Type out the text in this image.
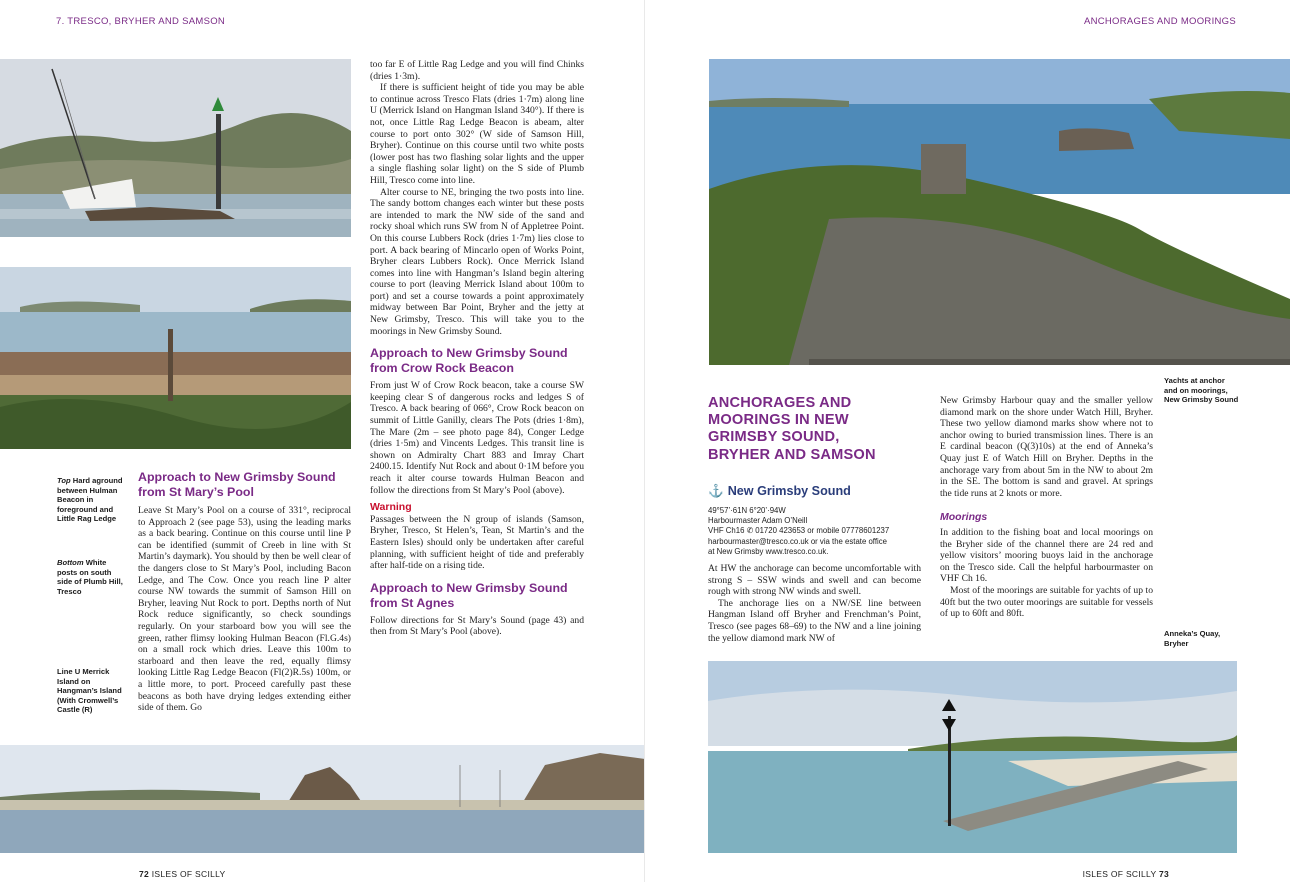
7. TRESCO, BRYHER AND SAMSON
Top Hard aground between Hulman Beacon in foreground and Little Rag Ledge
Bottom White posts on south side of Plumb Hill, Tresco
Line U Merrick Island on Hangman’s Island (With Cromwell’s Castle (R)
Approach to New Grimsby Sound from St Mary’s Pool

Leave St Mary’s Pool on a course of 331°, reciprocal to Approach 2 (see page 53), using the leading marks as a back bearing. Continue on this course until line P can be identified (summit of Creeb in line with St Martin’s daymark). You should by then be well clear of the dangers close to St Mary’s Pool, including Bacon Ledge, and The Cow. Once you reach line P alter course NW towards the summit of Samson Hill on Bryher, leaving Nut Rock to port. Depths north of Nut Rock reduce significantly, so check soundings regularly. On your starboard bow you will see the green, rather flimsy looking Hulman Beacon (Fl.G.4s) on a small rock which dries. Leave this 100m to starboard and then leave the red, equally flimsy looking Little Rag Ledge Beacon (Fl(2)R.5s) 100m, or a little more, to port. Proceed carefully past these beacons as both have drying ledges extending either side of them. Go

too far E of Little Rag Ledge and you will find Chinks (dries 1·3m).

If there is sufficient height of tide you may be able to continue across Tresco Flats (dries 1·7m) along line U (Merrick Island on Hangman Island 340°). If there is not, once Little Rag Ledge Beacon is abeam, alter course to port onto 302° (W side of Samson Hill, Bryher). Continue on this course until two white posts (lower post has two flashing solar lights and the upper a single flashing solar light) on the S side of Plumb Hill, Tresco come into line.

Alter course to NE, bringing the two posts into line. The sandy bottom changes each winter but these posts are intended to mark the NW side of the sand and rocky shoal which runs SW from N of Appletree Point. On this course Lubbers Rock (dries 1·7m) lies close to port. A back bearing of Mincarlo open of Works Point, Bryher clears Lubbers Rock). Once Merrick Island comes into line with Hangman’s Island begin altering course to port (leaving Merrick Island about 100m to port) and set a course towards a point approximately midway between Bar Point, Bryher and the jetty at New Grimsby, Tresco. This will take you to the moorings in New Grimsby Sound.

Approach to New Grimsby Sound from Crow Rock Beacon

From just W of Crow Rock beacon, take a course SW keeping clear S of dangerous rocks and ledges S of Tresco. A back bearing of 066°, Crow Rock beacon on summit of Little Ganilly, clears The Pots (dries 1·8m), The Mare (2m – see photo page 84), Conger Ledge (dries 1·5m) and Vincents Ledges. This transit line is shown on Admiralty Chart 883 and Imray Chart 2400.15. Identify Nut Rock and about 0·1M before you reach it alter course towards Hulman Beacon and follow the directions from St Mary’s Pool (above).

Warning

Passages between the N group of islands (Samson, Bryher, Tresco, St Helen’s, Tean, St Martin’s and the Eastern Isles) should only be undertaken after careful planning, with sufficient height of tide and preferably after half-tide on a rising tide.

Approach to New Grimsby Sound from St Agnes

Follow directions for St Mary’s Sound (page 43) and then from St Mary’s Pool (above).

72 ISLES OF SCILLY
ANCHORAGES AND MOORINGS
Yachts at anchor and on moorings, New Grimsby Sound
ANCHORAGES AND MOORINGS IN NEW GRIMSBY SOUND, BRYHER AND SAMSON
⚓ New Grimsby Sound
49°57’·61N 6°20’·94W
Harbourmaster Adam O’Neill
VHF Ch16 ✆ 01720 423653 or mobile 07778601237
harbourmaster@tresco.co.uk or via the estate office
at New Grimsby www.tresco.co.uk.

At HW the anchorage can become uncomfortable with strong S – SSW winds and swell and can become rough with strong NW winds and swell.

The anchorage lies on a NW/SE line between Hangman Island off Bryher and Frenchman’s Point, Tresco (see pages 68–69) to the NW and a line joining the yellow diamond mark NW of

New Grimsby Harbour quay and the smaller yellow diamond mark on the shore under Watch Hill, Bryher. These two yellow diamond marks show where not to anchor owing to buried transmission lines. There is an E cardinal beacon (Q(3)10s) at the end of Anneka’s Quay just E of Watch Hill on Bryher. Depths in the anchorage vary from about 5m in the NW to about 2m in the SE. The bottom is sand and gravel. At springs the tide runs at 2 knots or more.

Moorings

In addition to the fishing boat and local moorings on the Bryher side of the channel there are 24 red and yellow visitors’ mooring buoys laid in the anchorage on the Tresco side. Call the helpful harbourmaster on VHF Ch 16.

Most of the moorings are suitable for yachts of up to 40ft but the two outer moorings are suitable for vessels of up to 60ft and 80ft.

Anneka’s Quay, Bryher
ISLES OF SCILLY 73
